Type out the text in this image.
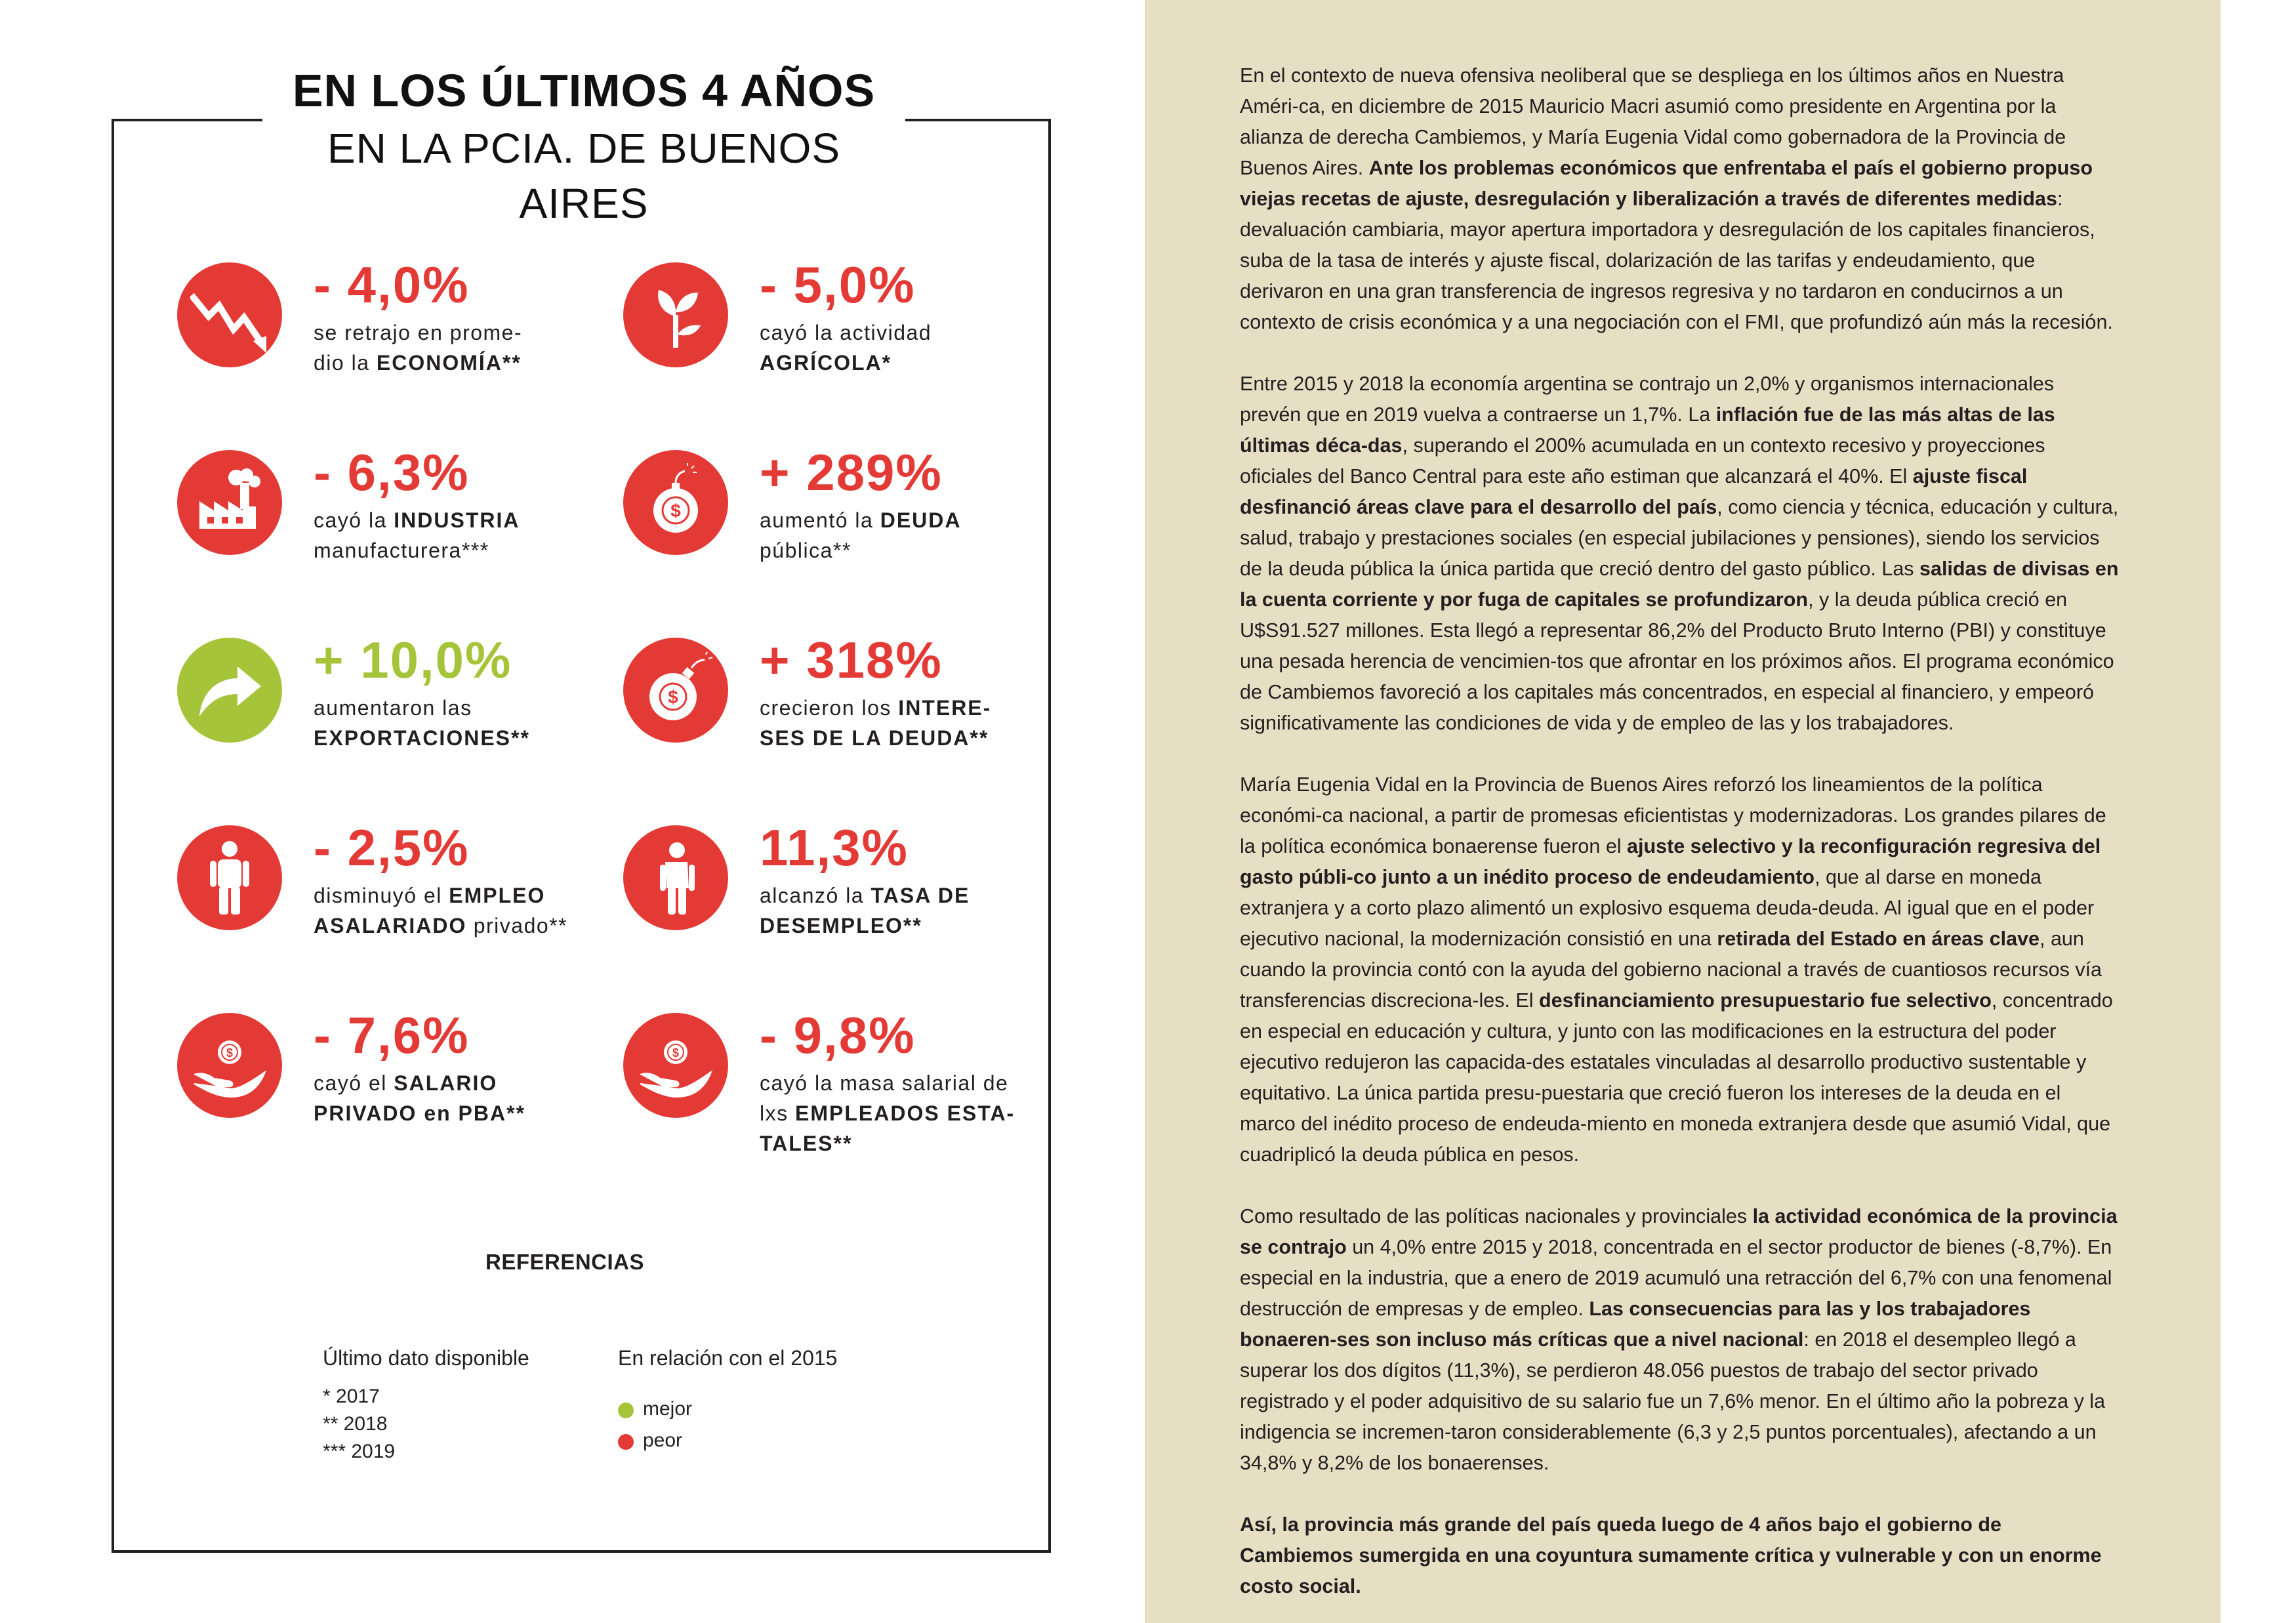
EN LOS ÚLTIMOS 4 AÑOS
EN LA PCIA. DE BUENOS AIRES
- 4,0%
se retrajo en prome-
dio la ECONOMÍA**
- 5,0%
cayó la actividad
AGRÍCOLA*
- 6,3%
cayó la INDUSTRIA
manufacturera***
$
+ 289%
aumentó la DEUDA
pública**
+ 10,0%
aumentaron las
EXPORTACIONES**
$
+ 318%
crecieron los INTERE-
SES DE LA DEUDA**
- 2,5%
disminuyó el EMPLEO
ASALARIADO privado**
11,3%
alcanzó la TASA DE
DESEMPLEO**
$ - 7,6%
cayó el SALARIO
PRIVADO en PBA**
$ - 9,8%
cayó la masa salarial de
lxs EMPLEADOS ESTA-
TALES**
REFERENCIAS
Último dato disponible
* 2017
** 2018
*** 2019
En relación con el 2015
mejor
peor

En el contexto de nueva ofensiva neoliberal que se despliega en los últimos años en Nuestra Améri-ca, en diciembre de 2015 Mauricio Macri asumió como presidente en Argentina por la alianza de derecha Cambiemos, y María Eugenia Vidal como gobernadora de la Provincia de Buenos Aires. Ante los problemas económicos que enfrentaba el país el gobierno propuso viejas recetas de ajuste, desregulación y liberalización a través de diferentes medidas: devaluación cambiaria, mayor apertura importadora y desregulación de los capitales financieros, suba de la tasa de interés y ajuste fiscal, dolarización de las tarifas y endeudamiento, que derivaron en una gran transferencia de ingresos regresiva y no tardaron en conducirnos a un contexto de crisis económica y a una negociación con el FMI, que profundizó aún más la recesión.

Entre 2015 y 2018 la economía argentina se contrajo un 2,0% y organismos internacionales prevén que en 2019 vuelva a contraerse un 1,7%. La inflación fue de las más altas de las últimas déca-das, superando el 200% acumulada en un contexto recesivo y proyecciones oficiales del Banco Central para este año estiman que alcanzará el 40%. El ajuste fiscal desfinanció áreas clave para el desarrollo del país, como ciencia y técnica, educación y cultura, salud, trabajo y prestaciones sociales (en especial jubilaciones y pensiones), siendo los servicios de la deuda pública la única partida que creció dentro del gasto público. Las salidas de divisas en la cuenta corriente y por fuga de capitales se profundizaron, y la deuda pública creció en U$S91.527 millones. Esta llegó a representar 86,2% del Producto Bruto Interno (PBI) y constituye una pesada herencia de vencimien-tos que afrontar en los próximos años. El programa económico de Cambiemos favoreció a los capitales más concentrados, en especial al financiero, y empeoró significativamente las condiciones de vida y de empleo de las y los trabajadores.

María Eugenia Vidal en la Provincia de Buenos Aires reforzó los lineamientos de la política económi-ca nacional, a partir de promesas eficientistas y modernizadoras. Los grandes pilares de la política económica bonaerense fueron el ajuste selectivo y la reconfiguración regresiva del gasto públi-co junto a un inédito proceso de endeudamiento, que al darse en moneda extranjera y a corto plazo alimentó un explosivo esquema deuda-deuda. Al igual que en el poder ejecutivo nacional, la modernización consistió en una retirada del Estado en áreas clave, aun cuando la provincia contó con la ayuda del gobierno nacional a través de cuantiosos recursos vía transferencias discreciona-les. El desfinanciamiento presupuestario fue selectivo, concentrado en especial en educación y cultura, y junto con las modificaciones en la estructura del poder ejecutivo redujeron las capacida-des estatales vinculadas al desarrollo productivo sustentable y equitativo. La única partida presu-puestaria que creció fueron los intereses de la deuda en el marco del inédito proceso de endeuda-miento en moneda extranjera desde que asumió Vidal, que cuadriplicó la deuda pública en pesos.

Como resultado de las políticas nacionales y provinciales la actividad económica de la provincia se contrajo un 4,0% entre 2015 y 2018, concentrada en el sector productor de bienes (-8,7%). En especial en la industria, que a enero de 2019 acumuló una retracción del 6,7% con una fenomenal destrucción de empresas y de empleo. Las consecuencias para las y los trabajadores bonaeren-ses son incluso más críticas que a nivel nacional: en 2018 el desempleo llegó a superar los dos dígitos (11,3%), se perdieron 48.056 puestos de trabajo del sector privado registrado y el poder adquisitivo de su salario fue un 7,6% menor. En el último año la pobreza y la indigencia se incremen-taron considerablemente (6,3 y 2,5 puntos porcentuales), afectando a un 34,8% y 8,2% de los bonaerenses.

Así, la provincia más grande del país queda luego de 4 años bajo el gobierno de Cambiemos sumergida en una coyuntura sumamente crítica y vulnerable y con un enorme costo social.
